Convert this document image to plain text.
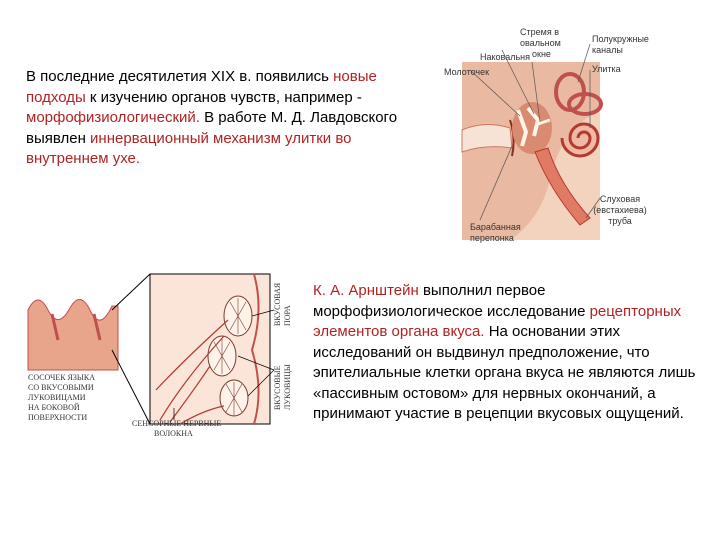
В последние десятилетия XIX в. появились новые подходы к изучению органов чувств, например - морфофизиологический. В работе М. Д. Лавдовского выявлен иннервационный механизм улитки во внутреннем ухе.
К. А. Арнштейн выполнил первое морфофизиологическое исследование рецепторных элементов органа вкуса. На основании этих исследований он выдвинул предположение, что эпителиальные клетки органа вкуса не являются лишь «пассивным остовом» для нервных окончаний, а принимают участие в рецепции вкусовых ощущений.
Стремя в овальном окне
Наковальня
Молоточек
Полукружные каналы
Улитка
Слуховая (евстахиева) труба
Барабанная перепонка
СОСОЧЕК ЯЗЫКА СО ВКУСОВЫМИ ЛУКОВИЦАМИ НА БОКОВОЙ ПОВЕРХНОСТИ
СЕНСОРНЫЕ НЕРВНЫЕ ВОЛОКНА
ВКУСОВАЯПОРА
ВКУСОВЫЕЛУКОВИЦЫ
